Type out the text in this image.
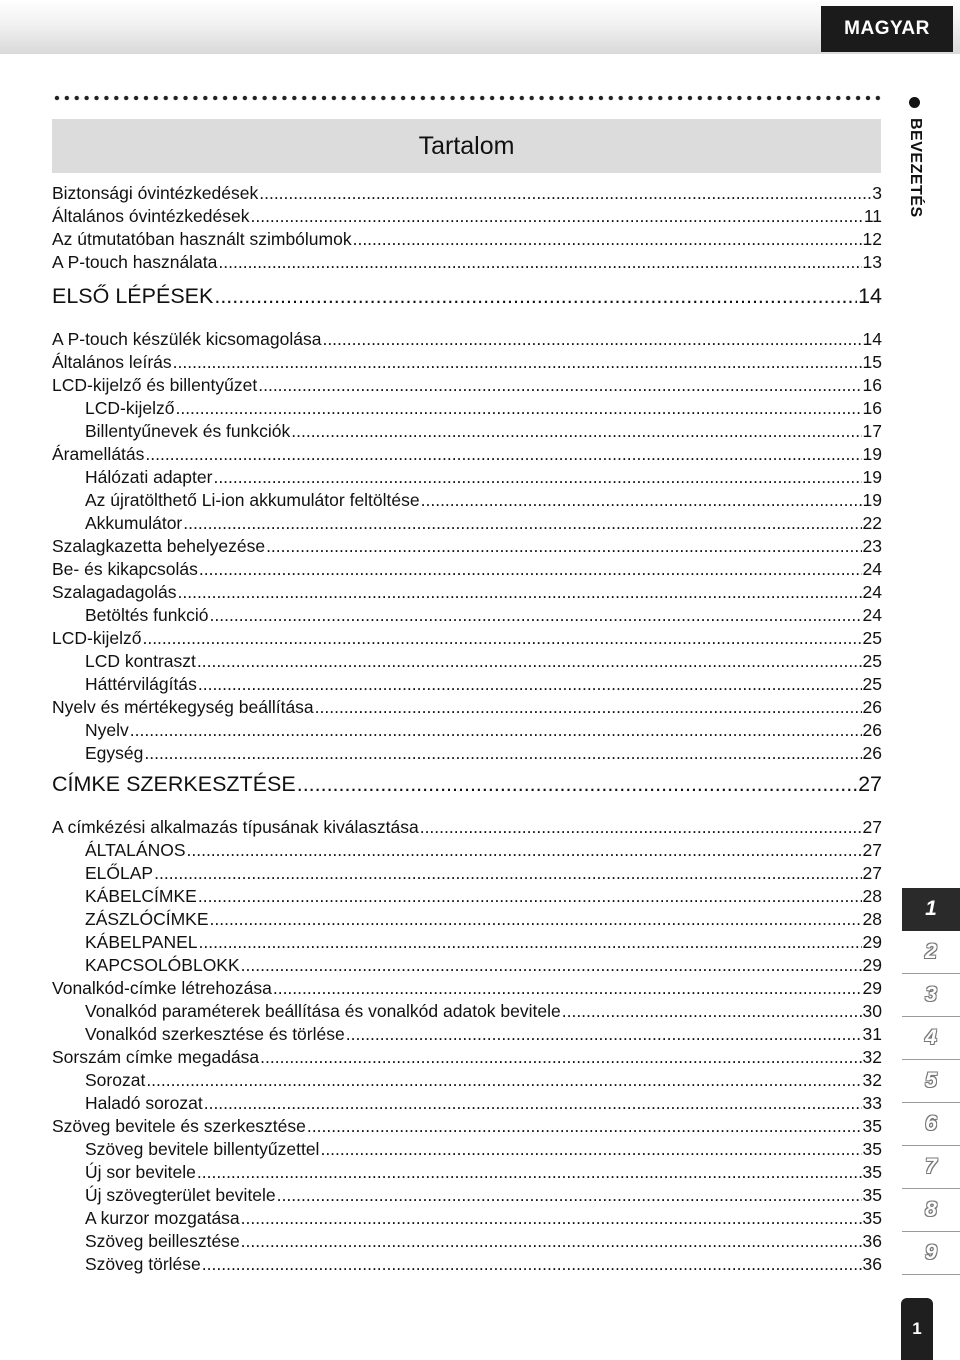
MAGYAR
BEVEZETÉS
Tartalom
Biztonsági óvintézkedések .....	3
Általános óvintézkedések .....	11
Az útmutatóban használt szimbólumok .....	12
A P-touch használata .....	13
ELSŐ LÉPÉSEK .....	14
A P-touch készülék kicsomagolása .....	14
Általános leírás .....	15
LCD-kijelző és billentyűzet .....	16
LCD-kijelző .....	16
Billentyűnevek és funkciók .....	17
Áramellátás .....	19
Hálózati adapter .....	19
Az újratölthető Li-ion akkumulátor feltöltése .....	19
Akkumulátor .....	22
Szalagkazetta behelyezése .....	23
Be- és kikapcsolás .....	24
Szalagadagolás .....	24
Betöltés funkció .....	24
LCD-kijelző .....	25
LCD kontraszt .....	25
Háttérvilágítás .....	25
Nyelv és mértékegység beállítása .....	26
Nyelv .....	26
Egység .....	26
CÍMKE SZERKESZTÉSE .....	27
A címkézési alkalmazás típusának kiválasztása .....	27
ÁLTALÁNOS .....	27
ELŐLAP .....	27
KÁBELCÍMKE .....	28
ZÁSZLÓCÍMKE .....	28
KÁBELPANEL .....	29
KAPCSOLÓBLOKK .....	29
Vonalkód-címke létrehozása .....	29
Vonalkód paraméterek beállítása és vonalkód adatok bevitele .....	30
Vonalkód szerkesztése és törlése .....	31
Sorszám címke megadása .....	32
Sorozat .....	32
Haladó sorozat .....	33
Szöveg bevitele és szerkesztése .....	35
Szöveg bevitele billentyűzettel .....	35
Új sor bevitele .....	35
Új szövegterület bevitele .....	35
A kurzor mozgatása .....	35
Szöveg beillesztése .....	36
Szöveg törlése .....	36
1
2
3
4
5
6
7
8
9
1
